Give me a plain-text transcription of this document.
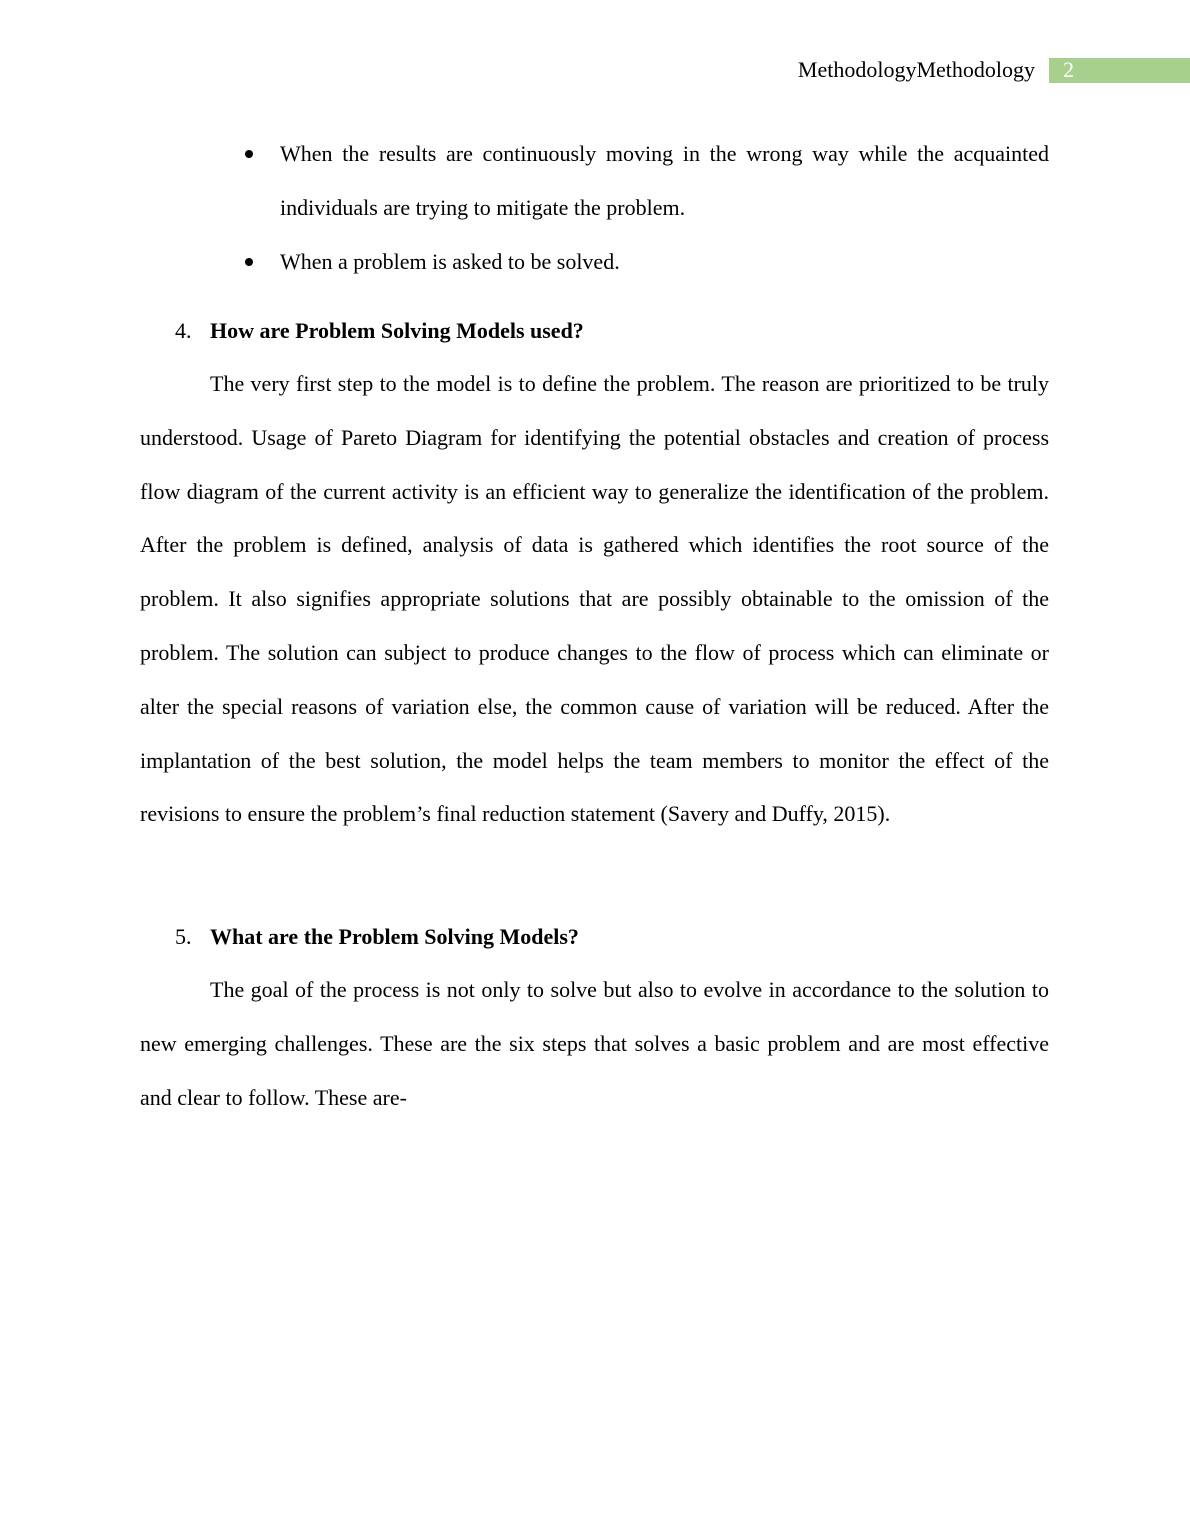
MethodologyMethodology 2
When the results are continuously moving in the wrong way while the acquainted individuals are trying to mitigate the problem.
When a problem is asked to be solved.
4. How are Problem Solving Models used?
The very first step to the model is to define the problem. The reason are prioritized to be truly understood. Usage of Pareto Diagram for identifying the potential obstacles and creation of process flow diagram of the current activity is an efficient way to generalize the identification of the problem. After the problem is defined, analysis of data is gathered which identifies the root source of the problem. It also signifies appropriate solutions that are possibly obtainable to the omission of the problem. The solution can subject to produce changes to the flow of process which can eliminate or alter the special reasons of variation else, the common cause of variation will be reduced. After the implantation of the best solution, the model helps the team members to monitor the effect of the revisions to ensure the problem’s final reduction statement (Savery and Duffy, 2015).
5. What are the Problem Solving Models?
The goal of the process is not only to solve but also to evolve in accordance to the solution to new emerging challenges. These are the six steps that solves a basic problem and are most effective and clear to follow. These are-
